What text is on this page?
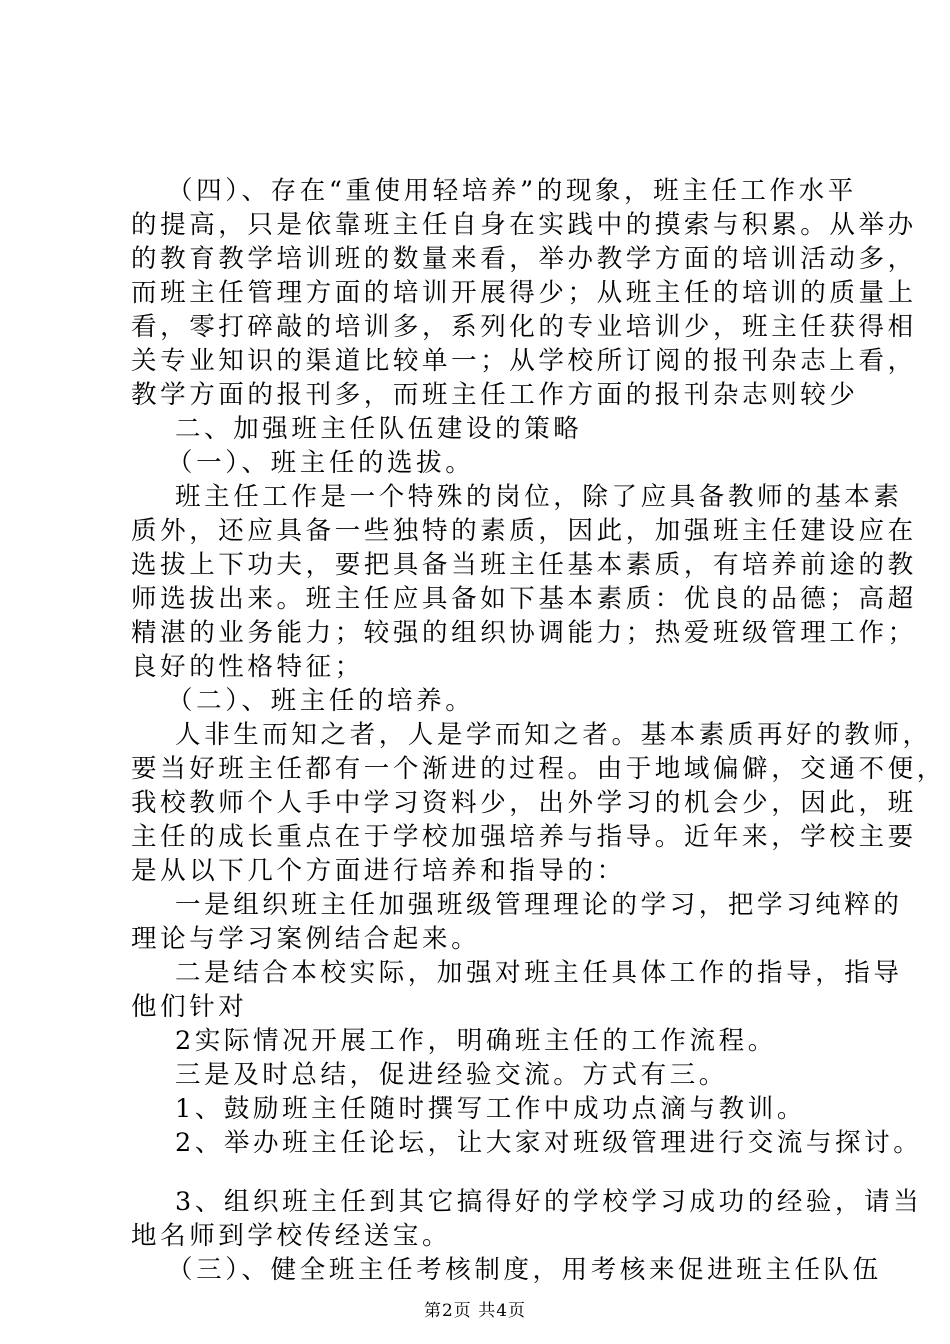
（四）、存在“重使用轻培养”的现象，班主任工作水平
的提高，只是依靠班主任自身在实践中的摸索与积累。从举办
的教育教学培训班的数量来看，举办教学方面的培训活动多，
而班主任管理方面的培训开展得少；从班主任的培训的质量上
看，零打碎敲的培训多，系列化的专业培训少，班主任获得相
关专业知识的渠道比较单一；从学校所订阅的报刊杂志上看，
教学方面的报刊多，而班主任工作方面的报刊杂志则较少
二、加强班主任队伍建设的策略
（一）、班主任的选拔。
班主任工作是一个特殊的岗位，除了应具备教师的基本素
质外，还应具备一些独特的素质，因此，加强班主任建设应在
选拔上下功夫，要把具备当班主任基本素质，有培养前途的教
师选拔出来。班主任应具备如下基本素质：优良的品德；高超
精湛的业务能力；较强的组织协调能力；热爱班级管理工作；
良好的性格特征；
（二）、班主任的培养。
人非生而知之者，人是学而知之者。基本素质再好的教师，
要当好班主任都有一个渐进的过程。由于地域偏僻，交通不便，
我校教师个人手中学习资料少，出外学习的机会少，因此，班
主任的成长重点在于学校加强培养与指导。近年来，学校主要
是从以下几个方面进行培养和指导的：
一是组织班主任加强班级管理理论的学习，把学习纯粹的
理论与学习案例结合起来。
二是结合本校实际，加强对班主任具体工作的指导，指导
他们针对
2实际情况开展工作，明确班主任的工作流程。
三是及时总结，促进经验交流。方式有三。
1、鼓励班主任随时撰写工作中成功点滴与教训。
2、举办班主任论坛，让大家对班级管理进行交流与探讨。
3、组织班主任到其它搞得好的学校学习成功的经验，请当
地名师到学校传经送宝。
（三）、健全班主任考核制度，用考核来促进班主任队伍
第2页 共4页
